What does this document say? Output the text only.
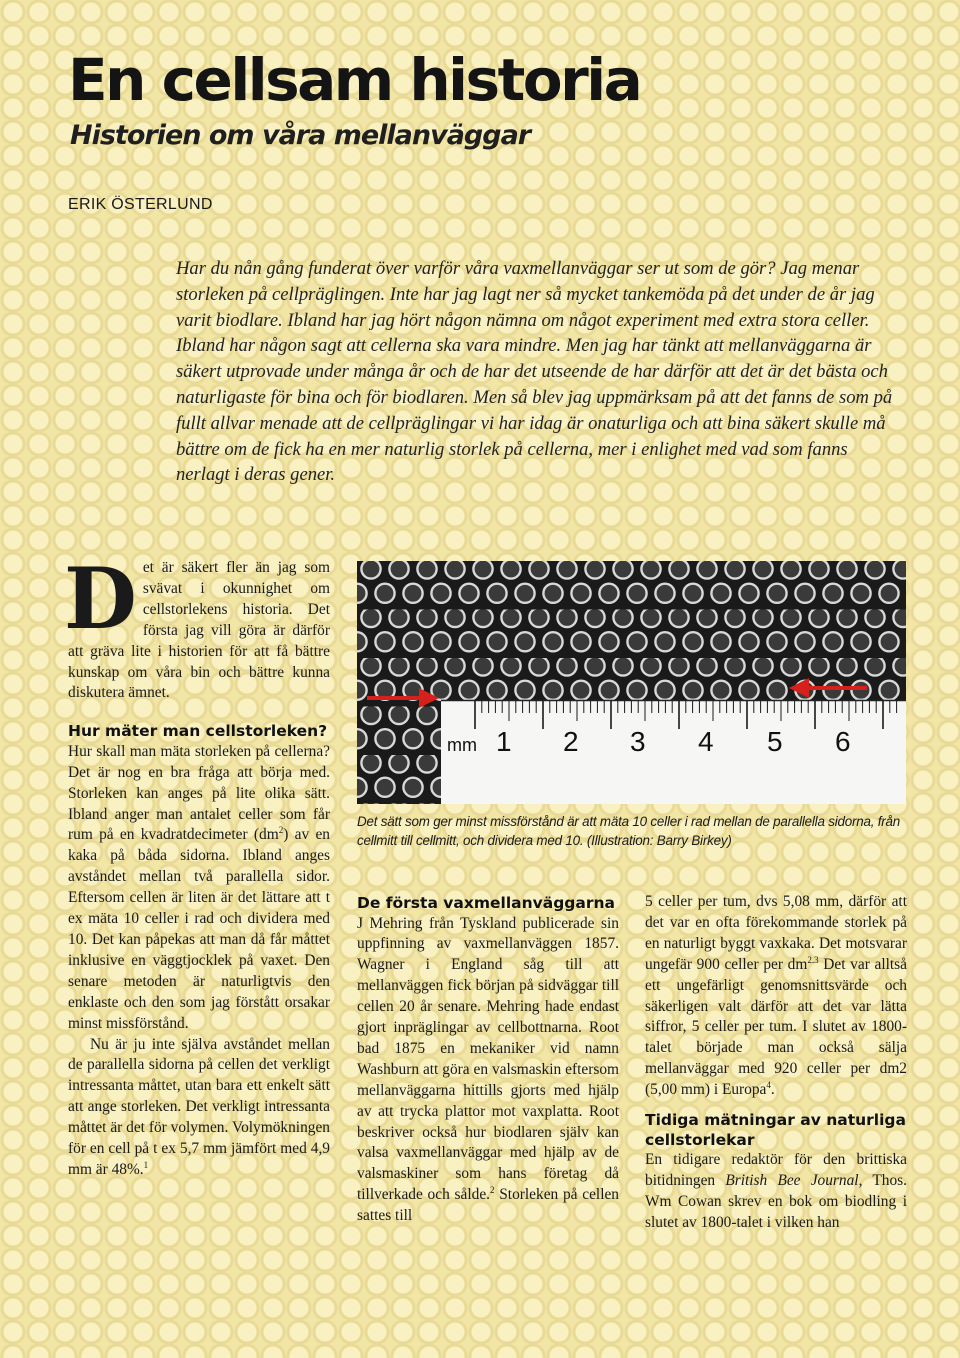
En cellsam historia
Historien om våra mellanväggar
ERIK ÖSTERLUND

Har du nån gång funderat över varför våra vaxmellanväggar ser ut som de gör? Jag menar storleken på cellpräglingen. Inte har jag lagt ner så mycket tankemöda på det under de år jag varit biodlare. Ibland har jag hört någon nämna om något experiment med extra stora celler. Ibland har någon sagt att cellerna ska vara mindre. Men jag har tänkt att mellanväggarna är säkert utprovade under många år och de har det utseende de har därför att det är det bästa och naturligaste för bina och för biodlaren. Men så blev jag uppmärksam på att det fanns de som på fullt allvar menade att de cellpräglingar vi har idag är onaturliga och att bina säkert skulle må bättre om de fick ha en mer naturlig storlek på cellerna, mer i enlighet med vad som fanns nerlagt i deras gener.

Det är säkert fler än jag som svävat i okunnighet om cellstorlekens historia. Det första jag vill göra är därför att gräva lite i historien för att få bättre kunskap om våra bin och bättre kunna diskutera ämnet.

Hur mäter man cellstorleken?

Hur skall man mäta storleken på cellerna? Det är nog en bra fråga att börja med. Storleken kan anges på lite olika sätt. Ibland anger man antalet celler som får rum på en kvadratdecimeter $(dm^2)$ av en kaka på båda sidorna. Ibland anges avståndet mellan två parallella sidor. Eftersom cellen är liten är det lättare att t ex mäta 10 celler i rad och dividera med 10. Det kan påpekas att man då får måttet inklusive en väggtjocklek på vaxet. Den senare metoden är naturligtvis den enklaste och den som jag förstått orsakar minst missförstånd.

Nu är ju inte själva avståndet mellan de parallella sidorna på cellen det verkligt intressanta måttet, utan bara ett enkelt sätt att ange storleken. Det verkligt intressanta måttet är det för volymen. Volymökningen för en cell på t ex 5,7 mm jämfört med 4,9 mm är 48%.$^1$

mm 1 2 3 4 5 6

Det sätt som ger minst missförstånd är att mäta 10 celler i rad mellan de parallella sidorna, från cellmitt till cellmitt, och dividera med 10. (Illustration: Barry Birkey)

De första vaxmellanväggarna

J Mehring från Tyskland publicerade sin uppfinning av vaxmellanväggen 1857. Wagner i England såg till att mellanväggen fick början på sidväggar till cellen 20 år senare. Mehring hade endast gjort inpräglingar av cellbottnarna. Root bad 1875 en mekaniker vid namn Washburn att göra en valsmaskin eftersom mellanväggarna hittills gjorts med hjälp av att trycka plattor mot vaxplatta. Root beskriver också hur biodlaren själv kan valsa vaxmellanväggar med hjälp av de valsmaskiner som hans företag då tillverkade och sålde.$^2$ Storleken på cellen sattes till

5 celler per tum, dvs 5,08 mm, därför att det var en ofta förekommande storlek på en naturligt byggt vaxkaka. Det motsvarar ungefär 900 celler per $dm^{2.3}$ Det var alltså ett ungefärligt genomsnittsvärde och säkerligen valt därför att det var lätta siffror, 5 celler per tum. I slutet av 1800-talet började man också sälja mellanväggar med 920 celler per dm2 (5,00 mm) i Europa$^4$.

Tidiga mätningar av naturliga cellstorlekar

En tidigare redaktör för den brittiska bitidningen British Bee Journal, Thos. Wm Cowan skrev en bok om biodling i slutet av 1800-talet i vilken han
